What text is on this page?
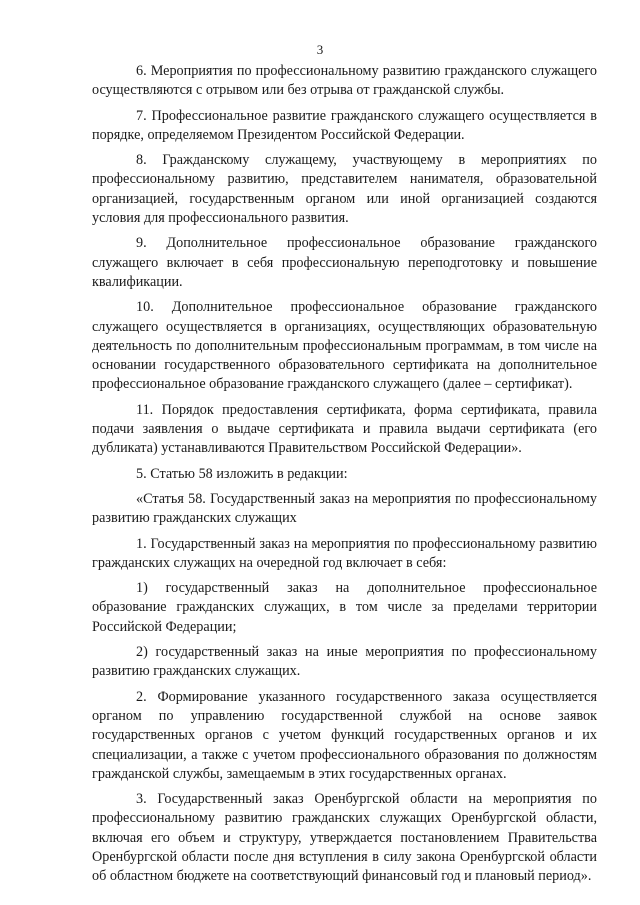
3

6. Мероприятия по профессиональному развитию гражданского служащего осуществляются с отрывом или без отрыва от гражданской службы.

7. Профессиональное развитие гражданского служащего осуществляется в порядке, определяемом Президентом Российской Федерации.

8. Гражданскому служащему, участвующему в мероприятиях по профессиональному развитию, представителем нанимателя, образовательной организацией, государственным органом или иной организацией создаются условия для профессионального развития.

9. Дополнительное профессиональное образование гражданского служащего включает в себя профессиональную переподготовку и повышение квалификации.

10. Дополнительное профессиональное образование гражданского служащего осуществляется в организациях, осуществляющих образовательную деятельность по дополнительным профессиональным программам, в том числе на основании государственного образовательного сертификата на дополнительное профессиональное образование гражданского служащего (далее – сертификат).

11. Порядок предоставления сертификата, форма сертификата, правила подачи заявления о выдаче сертификата и правила выдачи сертификата (его дубликата) устанавливаются Правительством Российской Федерации».

5. Статью 58 изложить в редакции:

«Статья 58. Государственный заказ на мероприятия по профессиональному развитию гражданских служащих

1. Государственный заказ на мероприятия по профессиональному развитию гражданских служащих на очередной год включает в себя:

1) государственный заказ на дополнительное профессиональное образование гражданских служащих, в том числе за пределами территории Российской Федерации;

2) государственный заказ на иные мероприятия по профессиональному развитию гражданских служащих.

2. Формирование указанного государственного заказа осуществляется органом по управлению государственной службой на основе заявок государственных органов с учетом функций государственных органов и их специализации, а также с учетом профессионального образования по должностям гражданской службы, замещаемым в этих государственных органах.

3. Государственный заказ Оренбургской области на мероприятия по профессиональному развитию гражданских служащих Оренбургской области, включая его объем и структуру, утверждается постановлением Правительства Оренбургской области после дня вступления в силу закона Оренбургской области об областном бюджете на соответствующий финансовый год и плановый период».
